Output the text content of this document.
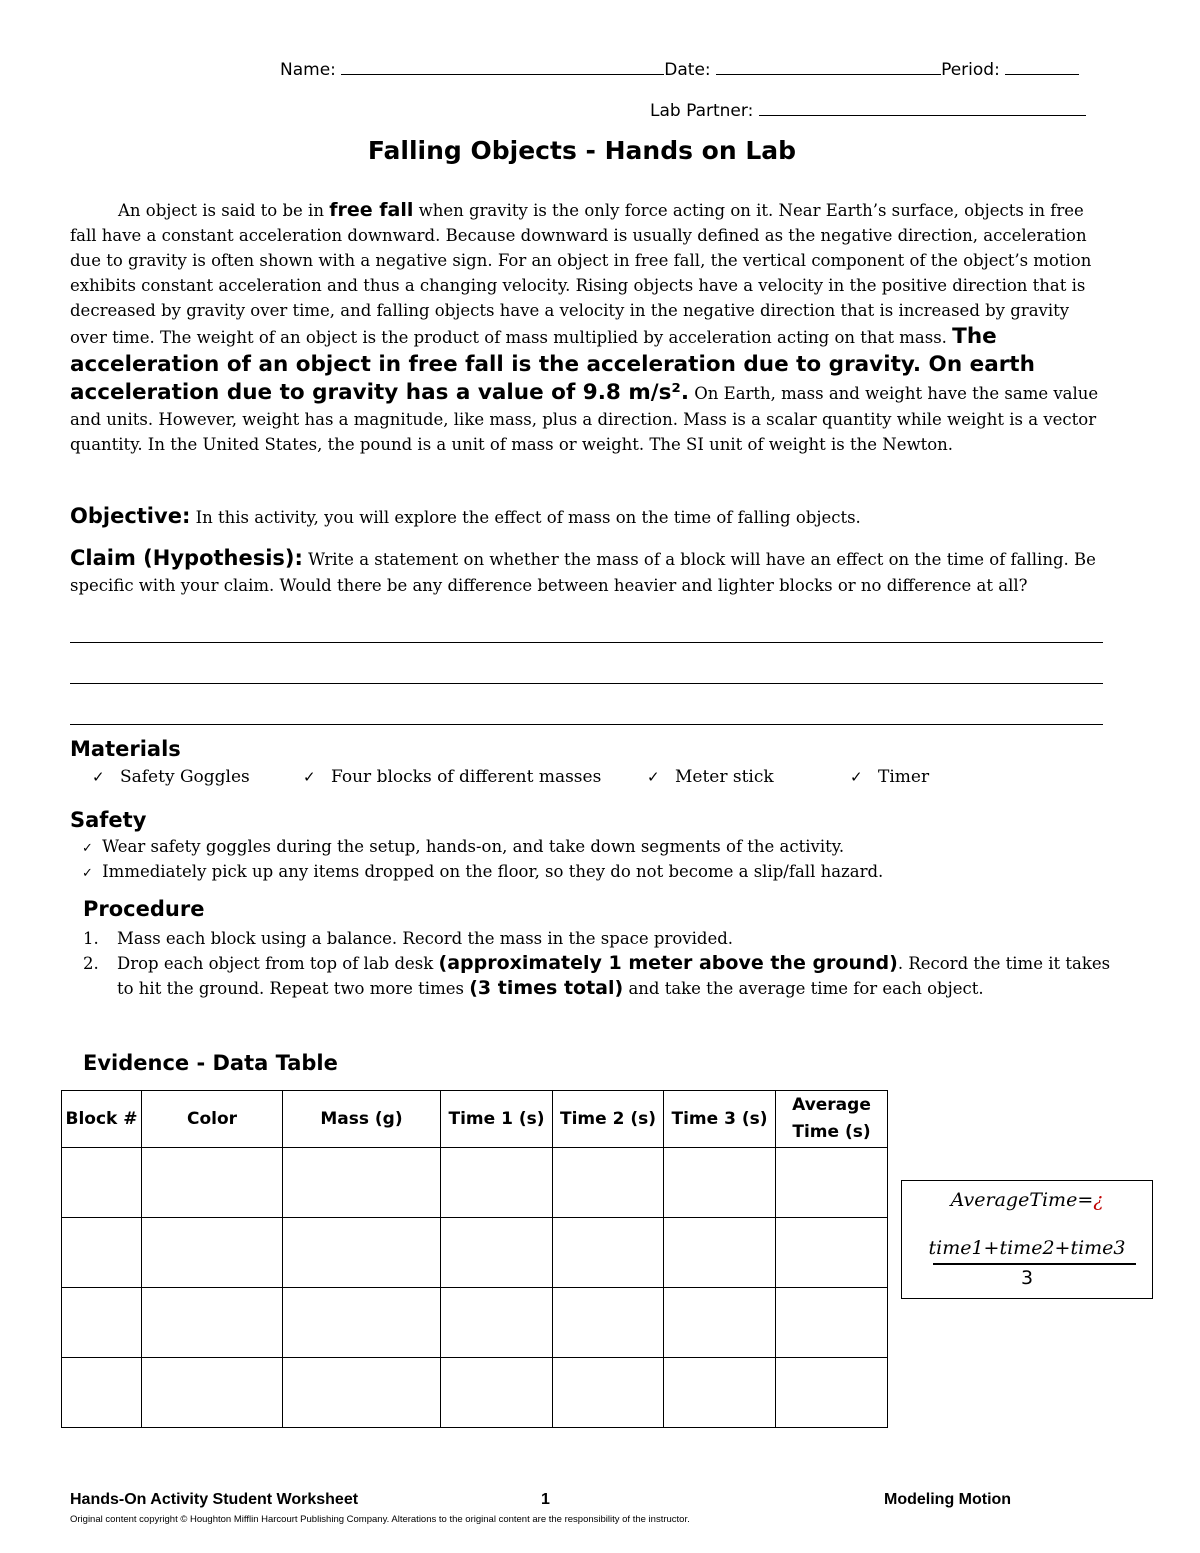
Name:	Date:	Period:
Lab Partner:
Falling Objects - Hands on Lab
An object is said to be in free fall when gravity is the only force acting on it. Near Earth’s surface, objects in free fall have a constant acceleration downward. Because downward is usually defined as the negative direction, acceleration due to gravity is often shown with a negative sign. For an object in free fall, the vertical component of the object’s motion exhibits constant acceleration and thus a changing velocity. Rising objects have a velocity in the positive direction that is decreased by gravity over time, and falling objects have a velocity in the negative direction that is increased by gravity over time. The weight of an object is the product of mass multiplied by acceleration acting on that mass. The acceleration of an object in free fall is the acceleration due to gravity. On earth acceleration due to gravity has a value of 9.8 m/s². On Earth, mass and weight have the same value and units. However, weight has a magnitude, like mass, plus a direction. Mass is a scalar quantity while weight is a vector quantity. In the United States, the pound is a unit of mass or weight. The SI unit of weight is the Newton.
Objective: In this activity, you will explore the effect of mass on the time of falling objects.
Claim (Hypothesis): Write a statement on whether the mass of a block will have an effect on the time of falling. Be specific with your claim. Would there be any difference between heavier and lighter blocks or no difference at all?
Materials
✓ Safety Goggles	✓ Four blocks of different masses	✓ Meter stick	✓ Timer
Safety
✓ Wear safety goggles during the setup, hands-on, and take down segments of the activity.
✓ Immediately pick up any items dropped on the floor, so they do not become a slip/fall hazard.
Procedure
1. Mass each block using a balance. Record the mass in the space provided.
2. Drop each object from top of lab desk (approximately 1 meter above the ground). Record the time it takes to hit the ground. Repeat two more times (3 times total) and take the average time for each object.
Evidence - Data Table
Block #	Color	Mass (g)	Time 1 (s)	Time 2 (s)	Time 3 (s)	Average Time (s)

AverageTime=¿
time1+time2+time3
3
Hands-On Activity Student Worksheet	1	Modeling Motion
Original content copyright © Houghton Mifflin Harcourt Publishing Company. Alterations to the original content are the responsibility of the instructor.
